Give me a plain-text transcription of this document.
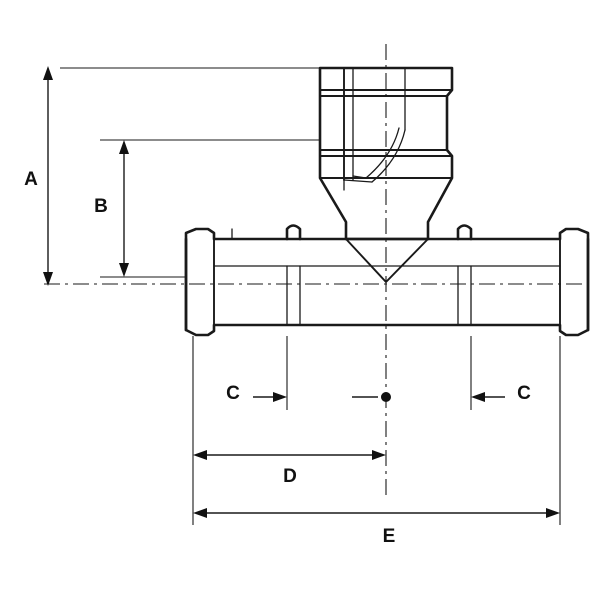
A
B
C	C
D
E
